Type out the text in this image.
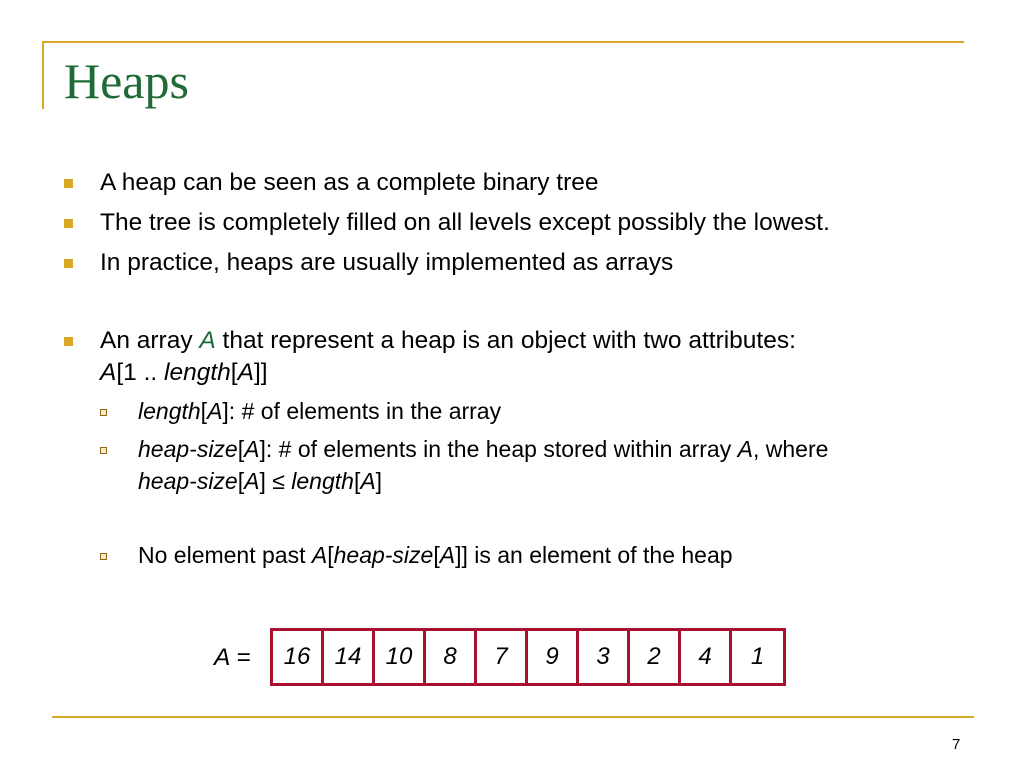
Heaps
A heap can be seen as a complete binary tree
The tree is completely filled on all levels except possibly the lowest.
In practice, heaps are usually implemented as arrays
An array A that represent a heap is an object with two attributes:
A[1 .. length[A]]
length[A]: # of elements in the array
heap-size[A]: # of elements in the heap stored within array A, where
heap-size[A] ≤ length[A]
No element past A[heap-size[A]] is an element of the heap
A =	16	14	10	8	7	9	3	2	4	1
7
